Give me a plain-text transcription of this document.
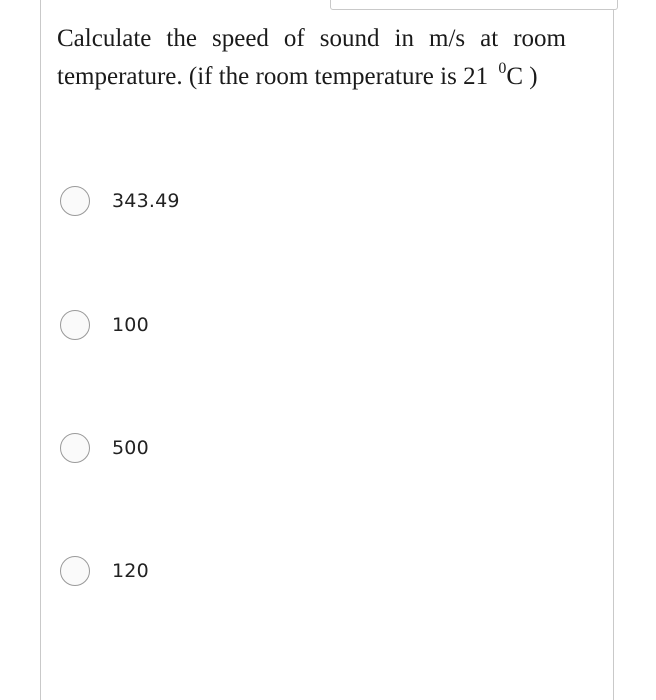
Calculate the speed of sound in m/s at room temperature. (if the room temperature is 21 $^0$C )
343.49
100
500
120
